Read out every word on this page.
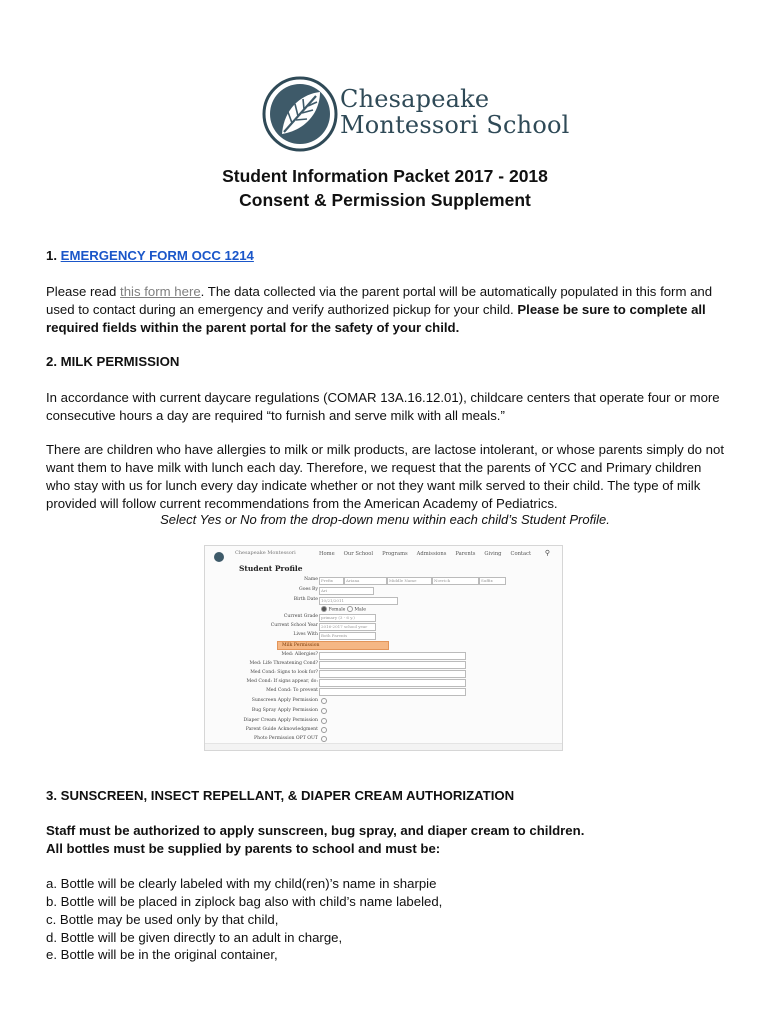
Chesapeake
Montessori School
Student Information Packet 2017 - 2018
Consent & Permission Supplement
1. EMERGENCY FORM OCC 1214
Please read this form here. The data collected via the parent portal will be automatically populated in this form and used to contact during an emergency and verify authorized pickup for your child. Please be sure to complete all required fields within the parent portal for the safety of your child.
2. MILK PERMISSION
In accordance with current daycare regulations (COMAR 13A.16.12.01), childcare centers that operate four or more consecutive hours a day are required “to furnish and serve milk with all meals.”
There are children who have allergies to milk or milk products, are lactose intolerant, or whose parents simply do not want them to have milk with lunch each day. Therefore, we request that the parents of YCC and Primary children who stay with us for lunch every day indicate whether or not they want milk served to their child. The type of milk provided will follow current recommendations from the American Academy of Pediatrics.
Select Yes or No from the drop-down menu within each child’s Student Profile.
Chesapeake Montessori	Home Our School Programs Admissions Parents Giving Contact ⚲
Student Profile
Name Prefix	Ariana	Middle Name	Novrick	Suffix
Goes By Ari
Birth Date 10/21/2011
Female Male
Current Grade primary (3 - 6 y.)
Current School Year 2016-2017 school year
Lives With Both Parents
Milk Permission
Med: Allergies?
Med: Life Threatening Cond?
Med Cond: Signs to look for?
Med Cond: If signs appear, do:
Med Cond: To prevent
Sunscreen Apply Permission
Bug Spray Apply Permission
Diaper Cream Apply Permission
Parent Guide Acknowledgment
Photo Permission OPT OUT
3. SUNSCREEN, INSECT REPELLANT, & DIAPER CREAM AUTHORIZATION
Staff must be authorized to apply sunscreen, bug spray, and diaper cream to children.
All bottles must be supplied by parents to school and must be:
a. Bottle will be clearly labeled with my child(ren)’s name in sharpie
b. Bottle will be placed in ziplock bag also with child’s name labeled,
c. Bottle may be used only by that child,
d. Bottle will be given directly to an adult in charge,
e. Bottle will be in the original container,
